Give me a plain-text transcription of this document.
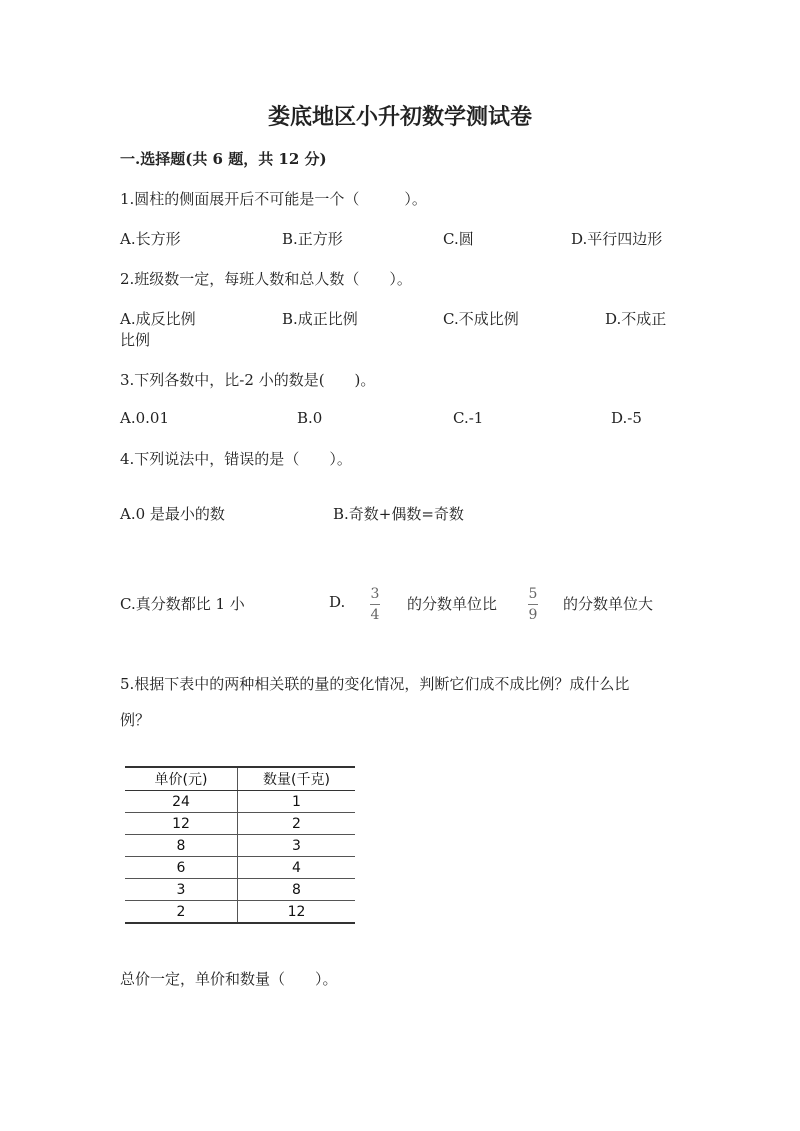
娄底地区小升初数学测试卷
一.选择题(共 6 题，共 12 分)
1.圆柱的侧面展开后不可能是一个（　　　）。
A.长方形	B.正方形	C.圆	D.平行四边形
2.班级数一定，每班人数和总人数（　　）。
A.成反比例	B.成正比例	C.不成比例	D.不成正
比例
3.下列各数中，比-2 小的数是(　　)。
A.0.01	B.0	C.-1	D.-5
4.下列说法中，错误的是（　　）。
A.0 是最小的数	B.奇数+偶数=奇数
C.真分数都比 1 小	D. 3
4
的分数单位比
5
9
的分数单位大
5.根据下表中的两种相关联的量的变化情况，判断它们成不成比例？成什么比
例？
单价(元)	数量(千克)
24	1
12	2
8	3
6	4
3	8
2	12
总价一定，单价和数量（　　）。
